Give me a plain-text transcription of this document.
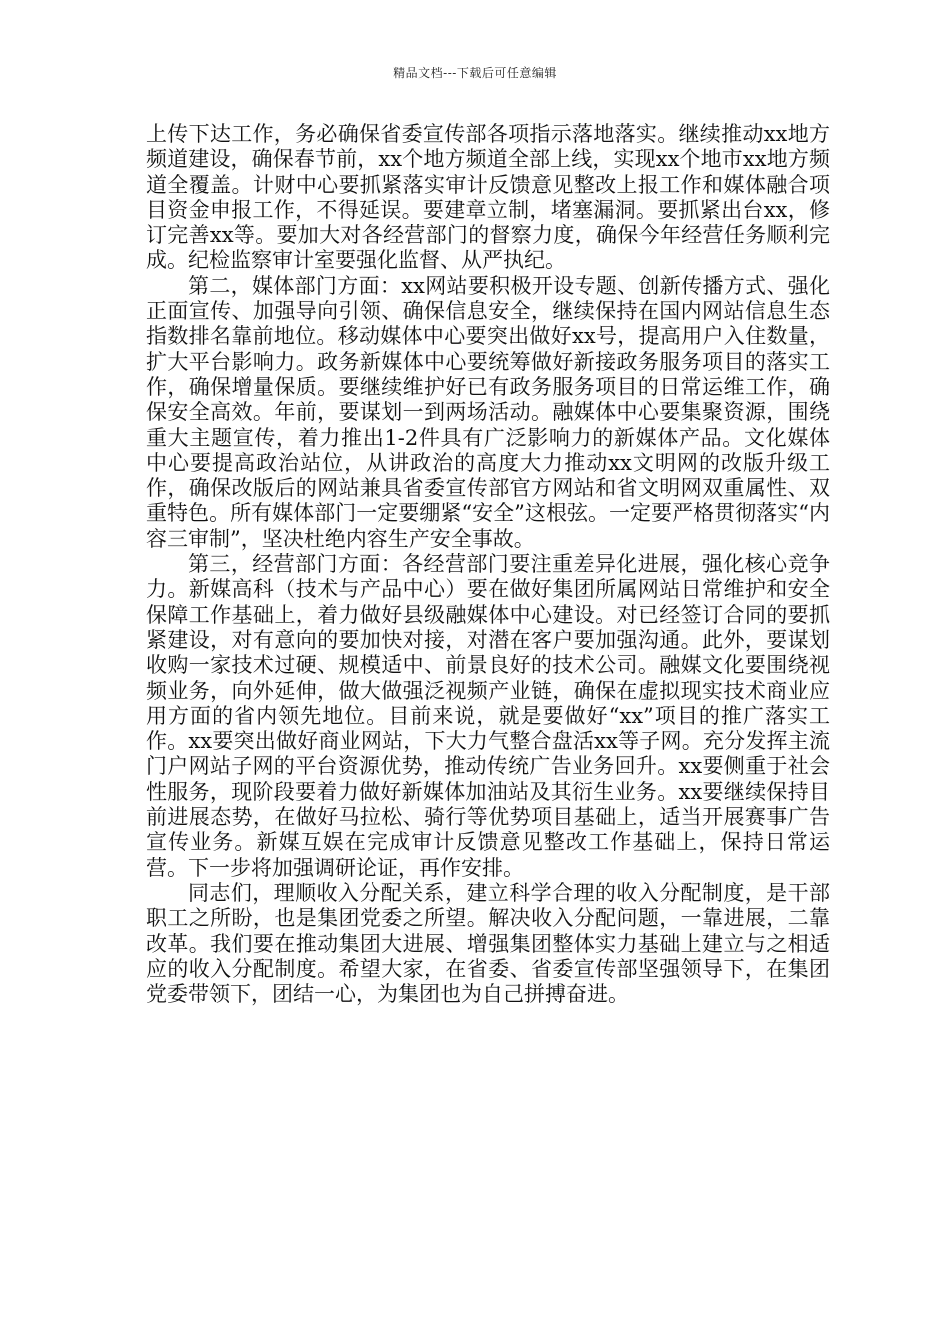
精品文档---下载后可任意编辑

上传下达工作，务必确保省委宣传部各项指示落地落实。继续推动xx地方频道建设，确保春节前，xx个地方频道全部上线，实现xx个地市xx地方频道全覆盖。计财中心要抓紧落实审计反馈意见整改上报工作和媒体融合项目资金申报工作，不得延误。要建章立制，堵塞漏洞。要抓紧出台xx，修订完善xx等。要加大对各经营部门的督察力度，确保今年经营任务顺利完成。纪检监察审计室要强化监督、从严执纪。

第二，媒体部门方面：xx网站要积极开设专题、创新传播方式、强化正面宣传、加强导向引领、确保信息安全，继续保持在国内网站信息生态指数排名靠前地位。移动媒体中心要突出做好xx号，提高用户入住数量，扩大平台影响力。政务新媒体中心要统筹做好新接政务服务项目的落实工作，确保增量保质。要继续维护好已有政务服务项目的日常运维工作，确保安全高效。年前，要谋划一到两场活动。融媒体中心要集聚资源，围绕重大主题宣传，着力推出1-2件具有广泛影响力的新媒体产品。文化媒体中心要提高政治站位，从讲政治的高度大力推动xx文明网的改版升级工作，确保改版后的网站兼具省委宣传部官方网站和省文明网双重属性、双重特色。所有媒体部门一定要绷紧“安全”这根弦。一定要严格贯彻落实“内容三审制”，坚决杜绝内容生产安全事故。

第三，经营部门方面：各经营部门要注重差异化进展，强化核心竞争力。新媒高科（技术与产品中心）要在做好集团所属网站日常维护和安全保障工作基础上，着力做好县级融媒体中心建设。对已经签订合同的要抓紧建设，对有意向的要加快对接，对潜在客户要加强沟通。此外，要谋划收购一家技术过硬、规模适中、前景良好的技术公司。融媒文化要围绕视频业务，向外延伸，做大做强泛视频产业链，确保在虚拟现实技术商业应用方面的省内领先地位。目前来说，就是要做好“xx”项目的推广落实工作。xx要突出做好商业网站，下大力气整合盘活xx等子网。充分发挥主流门户网站子网的平台资源优势，推动传统广告业务回升。xx要侧重于社会性服务，现阶段要着力做好新媒体加油站及其衍生业务。xx要继续保持目前进展态势，在做好马拉松、骑行等优势项目基础上，适当开展赛事广告宣传业务。新媒互娱在完成审计反馈意见整改工作基础上，保持日常运营。下一步将加强调研论证，再作安排。

同志们，理顺收入分配关系，建立科学合理的收入分配制度，是干部职工之所盼，也是集团党委之所望。解决收入分配问题，一靠进展，二靠改革。我们要在推动集团大进展、增强集团整体实力基础上建立与之相适应的收入分配制度。希望大家，在省委、省委宣传部坚强领导下，在集团党委带领下，团结一心，为集团也为自己拼搏奋进。
